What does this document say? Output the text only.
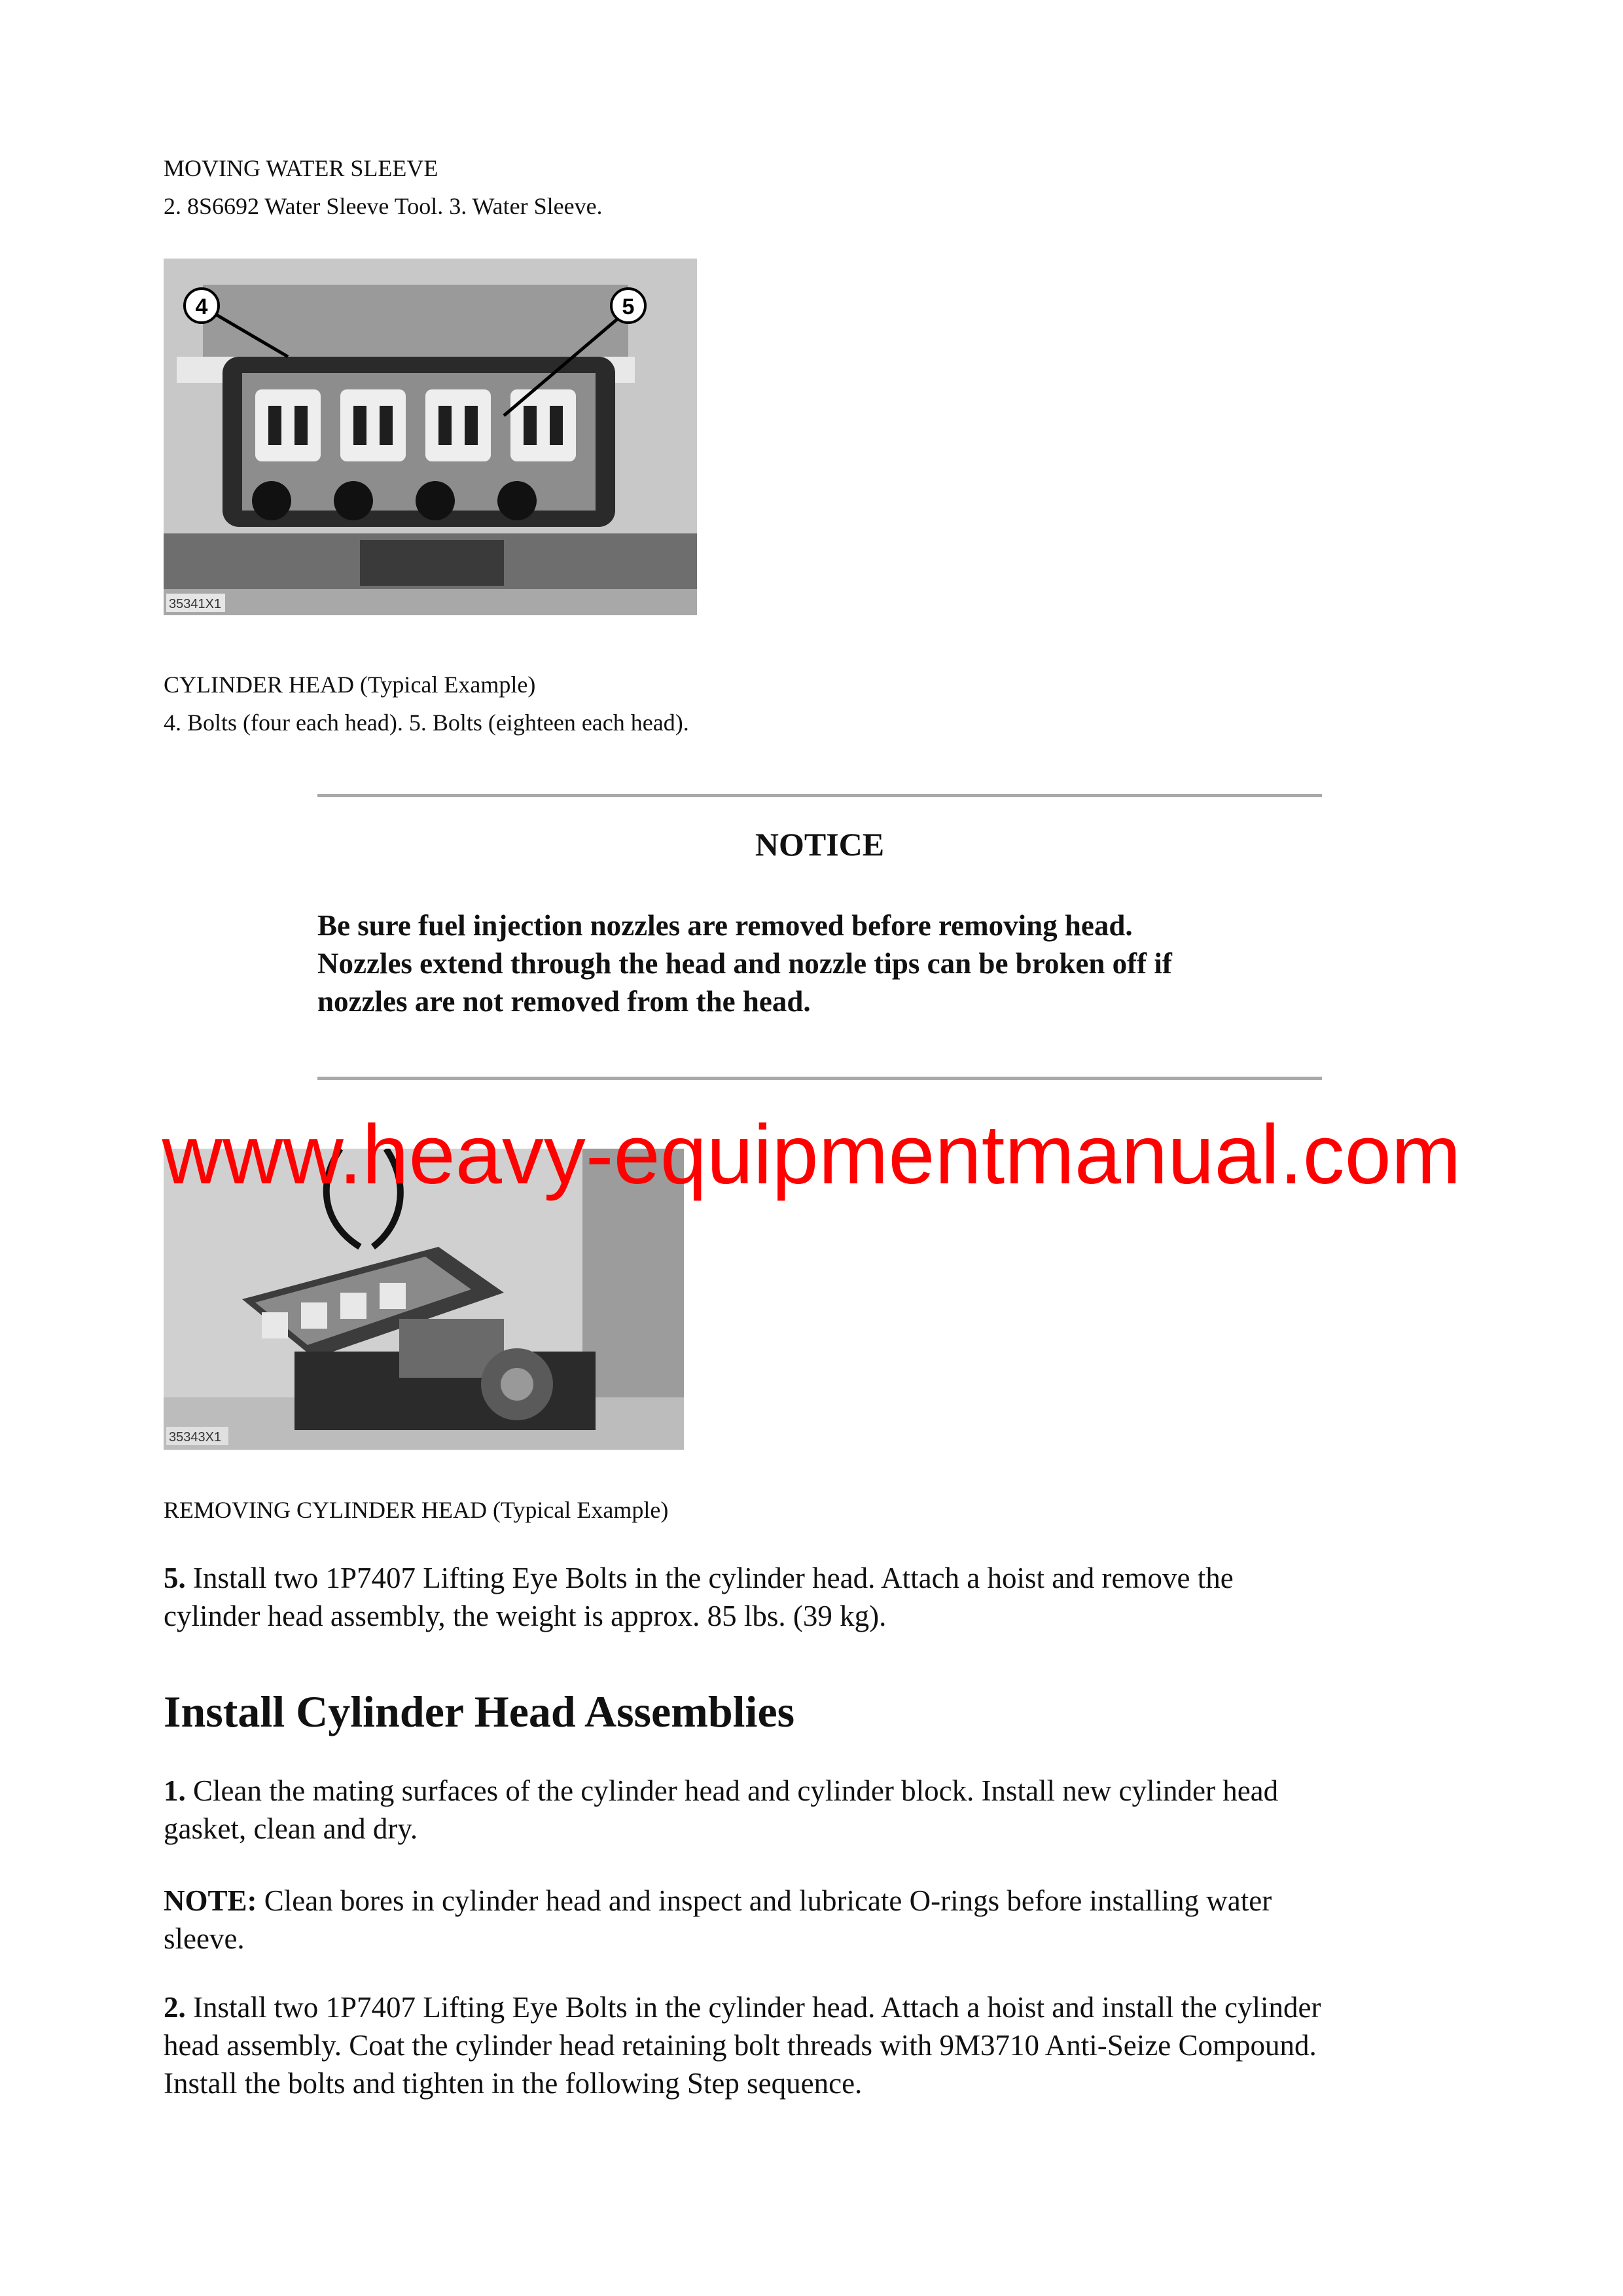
MOVING WATER SLEEVE
2. 8S6692 Water Sleeve Tool. 3. Water Sleeve.
4	5
35341X1
CYLINDER HEAD (Typical Example)
4. Bolts (four each head). 5. Bolts (eighteen each head).
NOTICE
Be sure fuel injection nozzles are removed before removing head.
Nozzles extend through the head and nozzle tips can be broken off if
nozzles are not removed from the head.
35343X1
www.heavy-equipmentmanual.com
REMOVING CYLINDER HEAD (Typical Example)
5. Install two 1P7407 Lifting Eye Bolts in the cylinder head. Attach a hoist and remove the
cylinder head assembly, the weight is approx. 85 lbs. (39 kg).
Install Cylinder Head Assemblies
1. Clean the mating surfaces of the cylinder head and cylinder block. Install new cylinder head
gasket, clean and dry.
NOTE: Clean bores in cylinder head and inspect and lubricate O-rings before installing water
sleeve.
2. Install two 1P7407 Lifting Eye Bolts in the cylinder head. Attach a hoist and install the cylinder
head assembly. Coat the cylinder head retaining bolt threads with 9M3710 Anti-Seize Compound.
Install the bolts and tighten in the following Step sequence.
